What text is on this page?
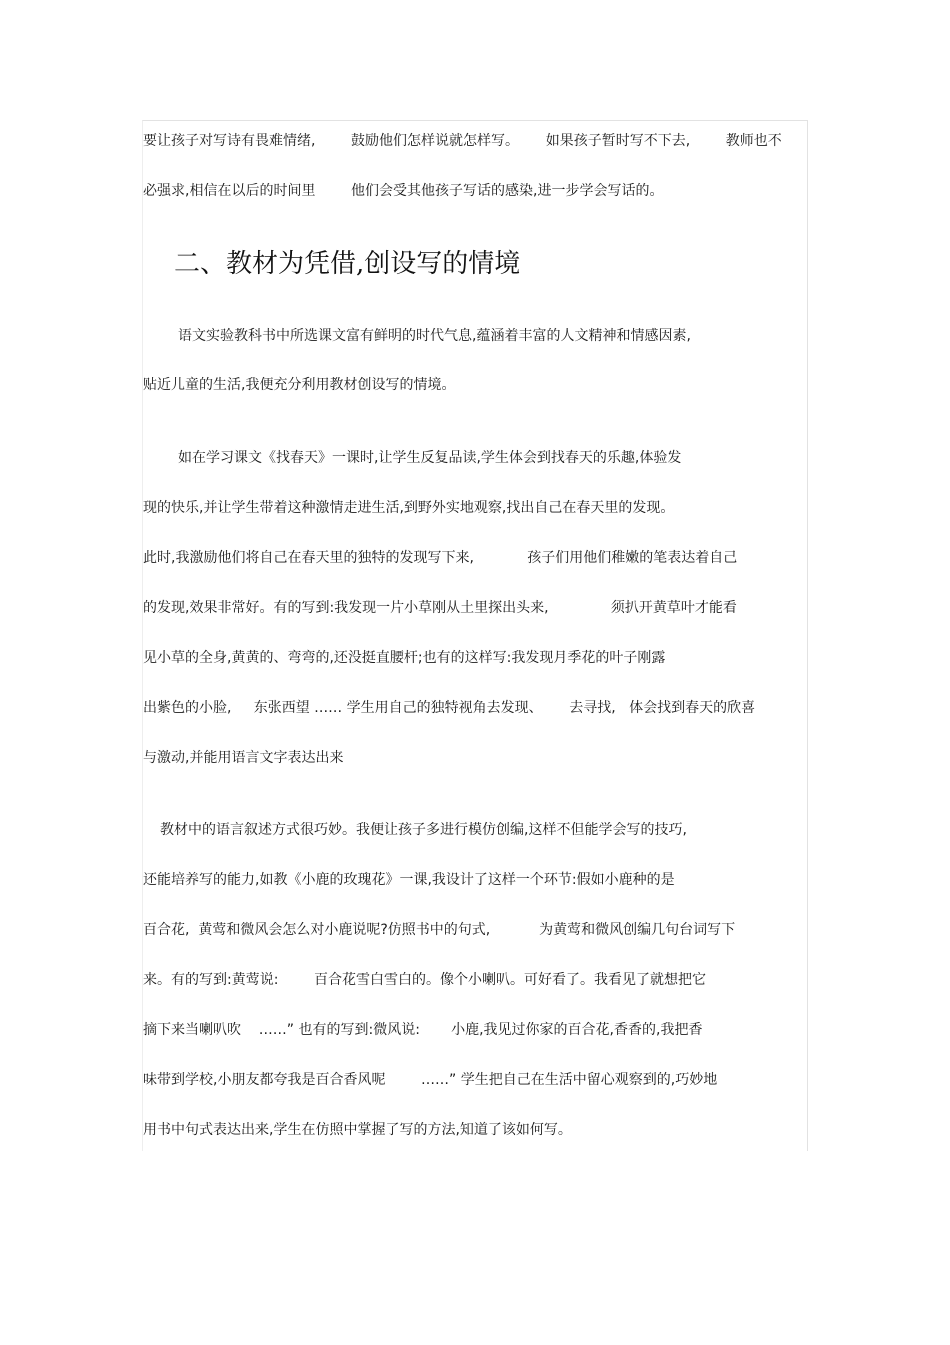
要让孩子对写诗有畏难情绪,        鼓励他们怎样说就怎样写。      如果孩子暂时写不下去,        教师也不
必强求,相信在以后的时间里        他们会受其他孩子写话的感染,进一步学会写话的。
二、教材为凭借,创设写的情境
语文实验教科书中所选课文富有鲜明的时代气息,蕴涵着丰富的人文精神和情感因素,
贴近儿童的生活,我便充分利用教材创设写的情境。
如在学习课文《找春天》一课时,让学生反复品读,学生体会到找春天的乐趣,体验发
现的快乐,并让学生带着这种激情走进生活,到野外实地观察,找出自己在春天里的发现。
此时,我激励他们将自己在春天里的独特的发现写下来,            孩子们用他们稚嫩的笔表达着自己
的发现,效果非常好。有的写到:我发现一片小草刚从土里探出头来,              须扒开黄草叶才能看
见小草的全身,黄黄的、弯弯的,还没挺直腰杆;也有的这样写:我发现月季花的叶子刚露
出紫色的小脸,     东张西望 …… 学生用自己的独特视角去发现、      去寻找,   体会找到春天的欣喜
与激动,并能用语言文字表达出来
教材中的语言叙述方式很巧妙。我便让孩子多进行模仿创编,这样不但能学会写的技巧,
还能培养写的能力,如教《小鹿的玫瑰花》一课,我设计了这样一个环节:假如小鹿种的是
百合花,  黄莺和微风会怎么对小鹿说呢?仿照书中的句式,           为黄莺和微风创编几句台词写下
来。有的写到:黄莺说:        百合花雪白雪白的。像个小喇叭。可好看了。我看见了就想把它
摘下来当喇叭吹    ……” 也有的写到:微风说:       小鹿,我见过你家的百合花,香香的,我把香
味带到学校,小朋友都夸我是百合香风呢        ……” 学生把自己在生活中留心观察到的,巧妙地
用书中句式表达出来,学生在仿照中掌握了写的方法,知道了该如何写。
